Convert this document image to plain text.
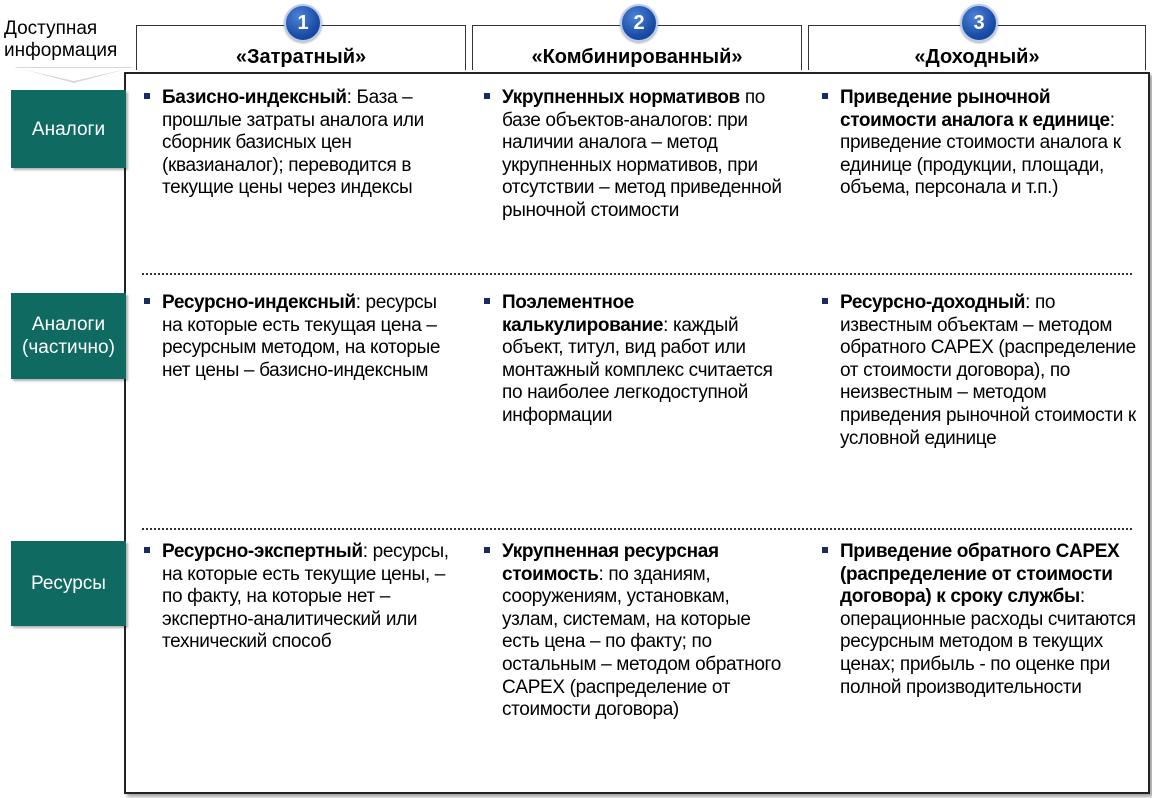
Доступная информация
1
«Затратный»
2
«Комбинированный»
3
«Доходный»
Аналоги
Аналоги (частично)
Ресурсы
Базисно-индексный: База – прошлые затраты аналога или сборник базисных цен (квазианалог); переводится в текущие цены через индексы
Укрупненных нормативов по базе объектов-аналогов: при наличии аналога – метод укрупненных нормативов, при отсутствии – метод приведенной рыночной стоимости
Приведение рыночной стоимости аналога к единице: приведение стоимости аналога к единице (продукции, площади, объема, персонала и т.п.)
Ресурсно-индексный: ресурсы на которые есть текущая цена – ресурсным методом, на которые нет цены – базисно-индексным
Поэлементное калькулирование: каждый объект, титул, вид работ или монтажный комплекс считается по наиболее легкодоступной информации
Ресурсно-доходный: по известным объектам – методом обратного CAPEX (распределение от стоимости договора), по неизвестным – методом приведения рыночной стоимости к условной единице
Ресурсно-экспертный: ресурсы, на которые есть текущие цены, – по факту, на которые нет – экспертно-аналитический или технический способ
Укрупненная ресурсная стоимость: по зданиям, сооружениям, установкам, узлам, системам, на которые есть цена – по факту; по остальным – методом обратного CAPEX (распределение от стоимости договора)
Приведение обратного CAPEX (распределение от стоимости договора) к сроку службы: операционные расходы считаются ресурсным методом в текущих ценах; прибыль - по оценке при полной производительности
